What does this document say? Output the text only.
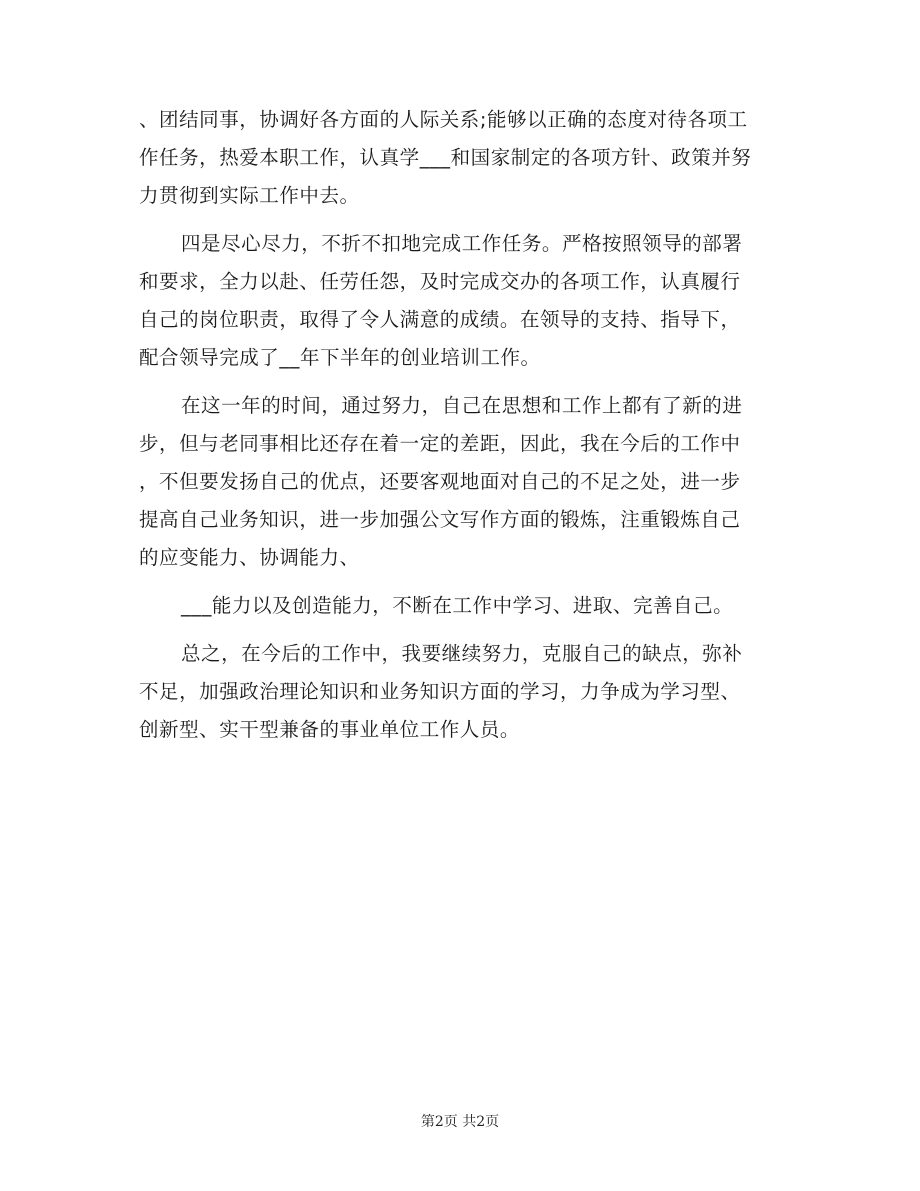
、团结同事，协调好各方面的人际关系;能够以正确的态度对待各项工
作任务，热爱本职工作，认真学___和国家制定的各项方针、政策并努
力贯彻到实际工作中去。
四是尽心尽力，不折不扣地完成工作任务。严格按照领导的部署
和要求，全力以赴、任劳任怨，及时完成交办的各项工作，认真履行
自己的岗位职责，取得了令人满意的成绩。在领导的支持、指导下，
配合领导完成了__年下半年的创业培训工作。
在这一年的时间，通过努力，自己在思想和工作上都有了新的进
步，但与老同事相比还存在着一定的差距，因此，我在今后的工作中
，不但要发扬自己的优点，还要客观地面对自己的不足之处，进一步
提高自己业务知识，进一步加强公文写作方面的锻炼，注重锻炼自己
的应变能力、协调能力、
___能力以及创造能力，不断在工作中学习、进取、完善自己。
总之，在今后的工作中，我要继续努力，克服自己的缺点，弥补
不足，加强政治理论知识和业务知识方面的学习，力争成为学习型、
创新型、实干型兼备的事业单位工作人员。
第2页 共2页
